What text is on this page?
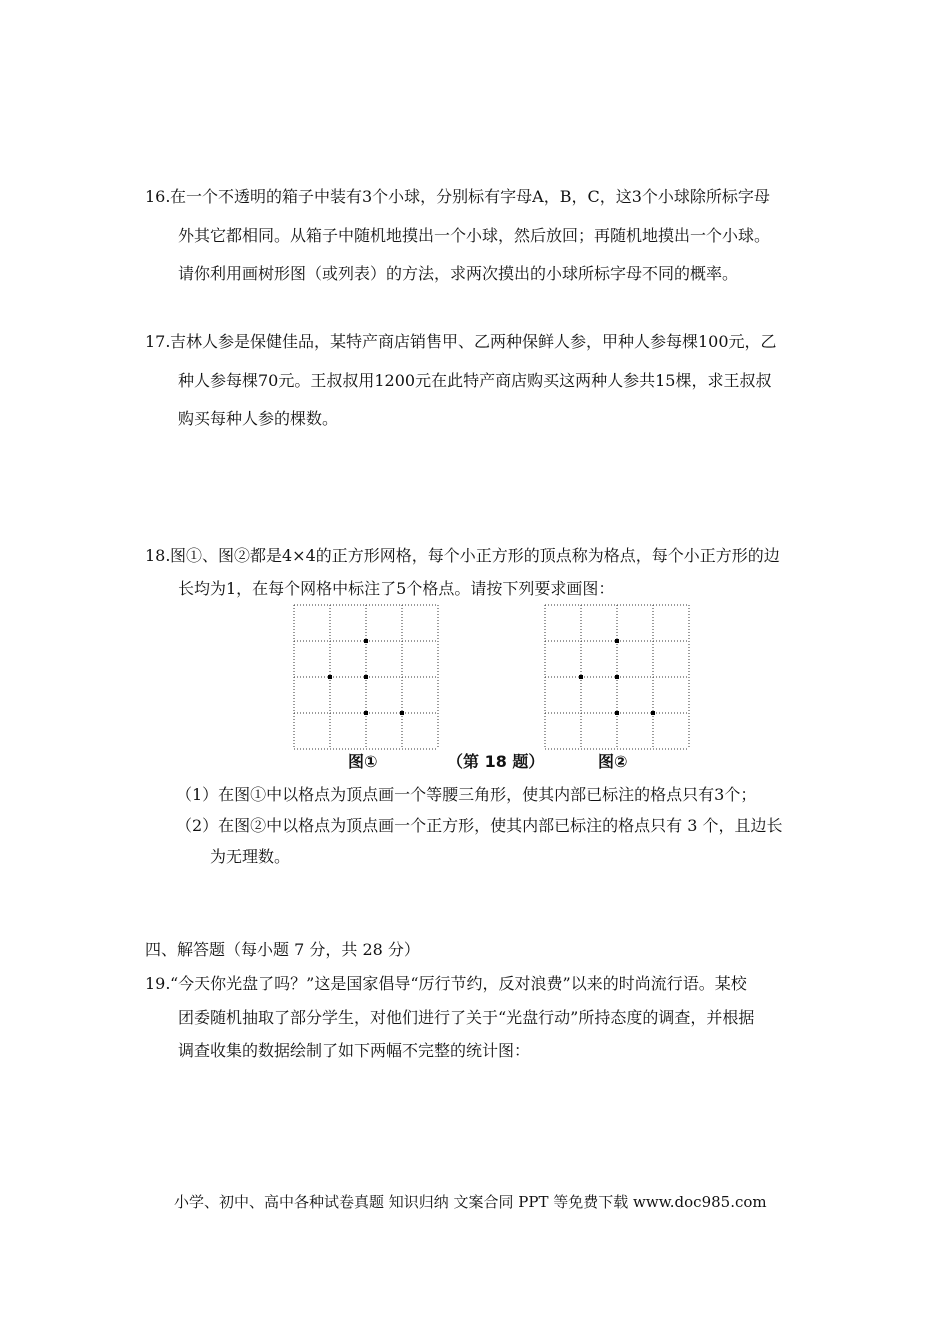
16. 在一个不透明的箱子中装有3个小球，分别标有字母A，B，C，这3个小球除所标字母
外其它都相同。从箱子中随机地摸出一个小球，然后放回；再随机地摸出一个小球。
请你利用画树形图（或列表）的方法，求两次摸出的小球所标字母不同的概率。
17. 吉林人参是保健佳品，某特产商店销售甲、乙两种保鲜人参，甲种人参每棵100元，乙
种人参每棵70元。王叔叔用1200元在此特产商店购买这两种人参共15棵，求王叔叔
购买每种人参的棵数。
18. 图①、图②都是4×4的正方形网格，每个小正方形的顶点称为格点，每个小正方形的边
长均为1，在每个网格中标注了5个格点。请按下列要求画图：
图①	（第 18 题）	图②
（1）在图①中以格点为顶点画一个等腰三角形，使其内部已标注的格点只有3个；
（2）在图②中以格点为顶点画一个正方形，使其内部已标注的格点只有 3 个，且边长
为无理数。
四、解答题（每小题 7 分，共 28 分）
19. “今天你光盘了吗？”这是国家倡导“厉行节约，反对浪费”以来的时尚流行语。某校
团委随机抽取了部分学生，对他们进行了关于“光盘行动”所持态度的调查，并根据
调查收集的数据绘制了如下两幅不完整的统计图：
小学、初中、高中各种试卷真题 知识归纳 文案合同 PPT 等免费下载 www.doc985.com
